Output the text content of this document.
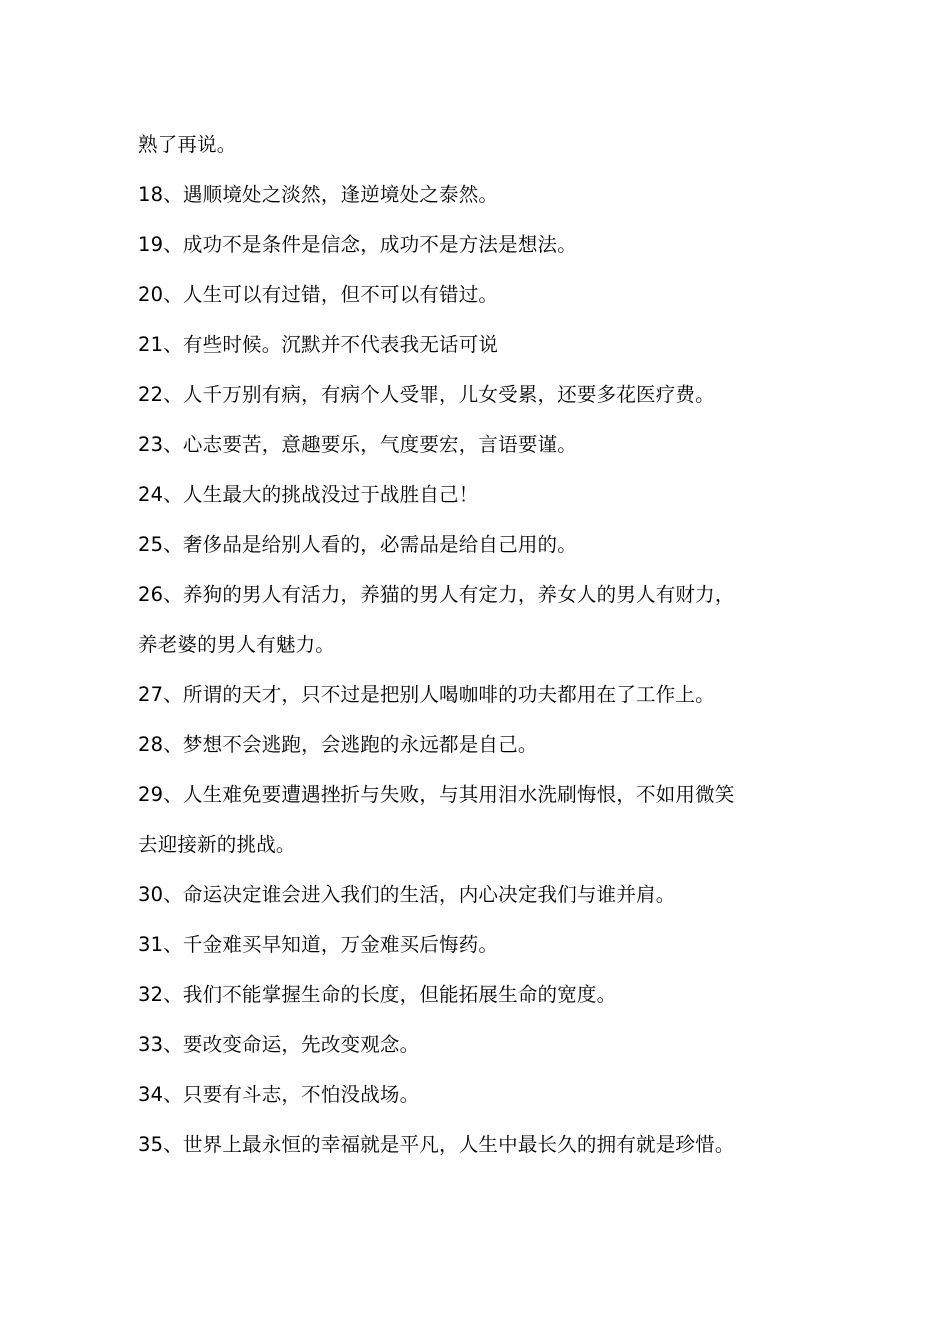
熟了再说。

18、遇顺境处之淡然，逢逆境处之泰然。

19、成功不是条件是信念，成功不是方法是想法。

20、人生可以有过错，但不可以有错过。

21、有些时候。沉默并不代表我无话可说

22、人千万别有病，有病个人受罪，儿女受累，还要多花医疗费。

23、心志要苦，意趣要乐，气度要宏，言语要谨。

24、人生最大的挑战没过于战胜自己！

25、奢侈品是给别人看的，必需品是给自己用的。

26、养狗的男人有活力，养猫的男人有定力，养女人的男人有财力，

养老婆的男人有魅力。

27、所谓的天才，只不过是把别人喝咖啡的功夫都用在了工作上。

28、梦想不会逃跑，会逃跑的永远都是自己。

29、人生难免要遭遇挫折与失败，与其用泪水洗刷悔恨，不如用微笑

去迎接新的挑战。

30、命运决定谁会进入我们的生活，内心决定我们与谁并肩。

31、千金难买早知道，万金难买后悔药。

32、我们不能掌握生命的长度，但能拓展生命的宽度。

33、要改变命运，先改变观念。

34、只要有斗志，不怕没战场。

35、世界上最永恒的幸福就是平凡，人生中最长久的拥有就是珍惜。
